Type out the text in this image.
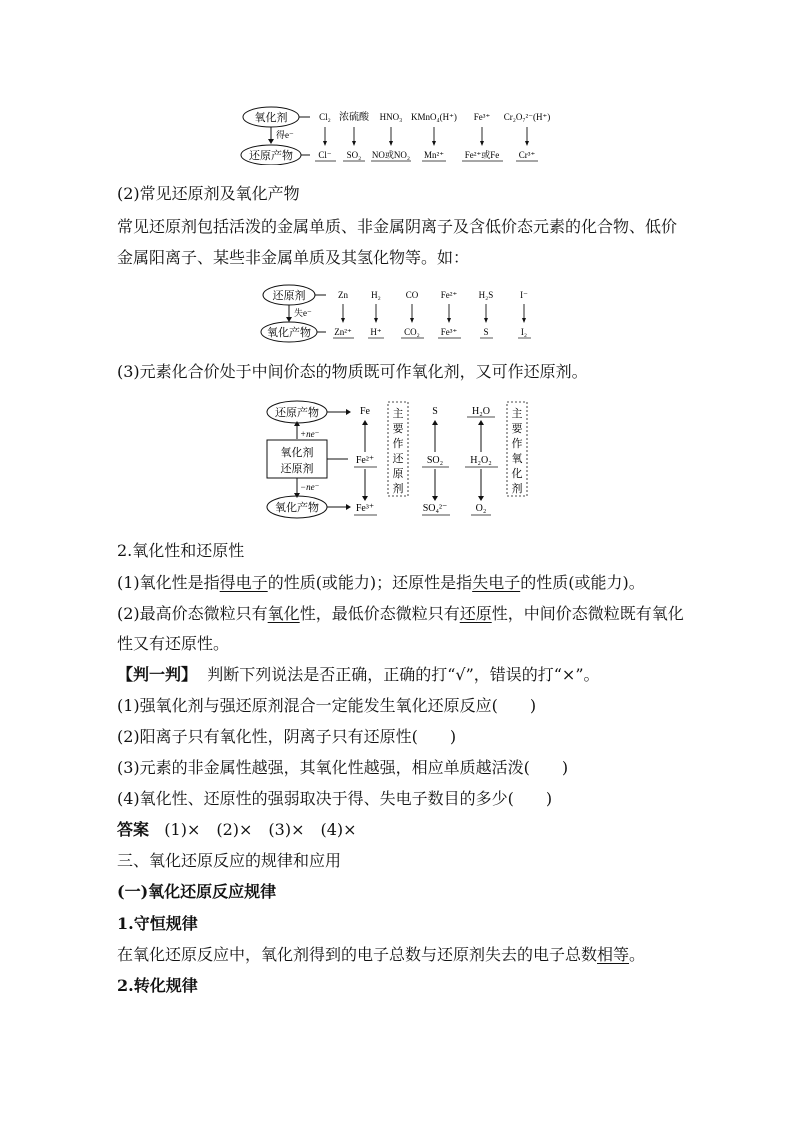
氧化剂
得e⁻
还原产物
Cl₂ 浓硫酸 HNO₃ KMnO₄(H⁺) Fe³⁺ Cr₂O₇²⁻(H⁺)
Cl⁻ SO₂ NO或NO₂ Mn²⁺ Fe²⁺或Fe Cr³⁺
(2)常见还原剂及氧化产物
常见还原剂包括活泼的金属单质、非金属阴离子及含低价态元素的化合物、低价
金属阳离子、某些非金属单质及其氢化物等。如：
还原剂
失e⁻
氧化产物
Zn	H₂	CO	Fe²⁺ H₂S	I⁻
Zn²⁺ H⁺	CO₂ Fe³⁺	S	I₂
(3)元素化合价处于中间价态的物质既可作氧化剂，又可作还原剂。
还原产物
+ne⁻
氧化剂
还原剂
−ne⁻
氧化产物
Fe
Fe²⁺
Fe³⁺
主
要
作
还
原
剂
S
SO₂
SO₄²⁻
H₂O
H₂O₂
O₂
主
要
作
氧
化
剂
2.氧化性和还原性
(1)氧化性是指得电子的性质(或能力)；还原性是指失电子的性质(或能力)。
(2)最高价态微粒只有氧化性，最低价态微粒只有还原性，中间价态微粒既有氧化
性又有还原性。
【判一判】 判断下列说法是否正确，正确的打“√”，错误的打“×”。
(1)强氧化剂与强还原剂混合一定能发生氧化还原反应(　　)
(2)阳离子只有氧化性，阴离子只有还原性(　　)
(3)元素的非金属性越强，其氧化性越强，相应单质越活泼(　　)
(4)氧化性、还原性的强弱取决于得、失电子数目的多少(　　)
答案 (1)×　(2)×　(3)×　(4)×
三、氧化还原反应的规律和应用
(一)氧化还原反应规律
1.守恒规律
在氧化还原反应中，氧化剂得到的电子总数与还原剂失去的电子总数相等。
2.转化规律
